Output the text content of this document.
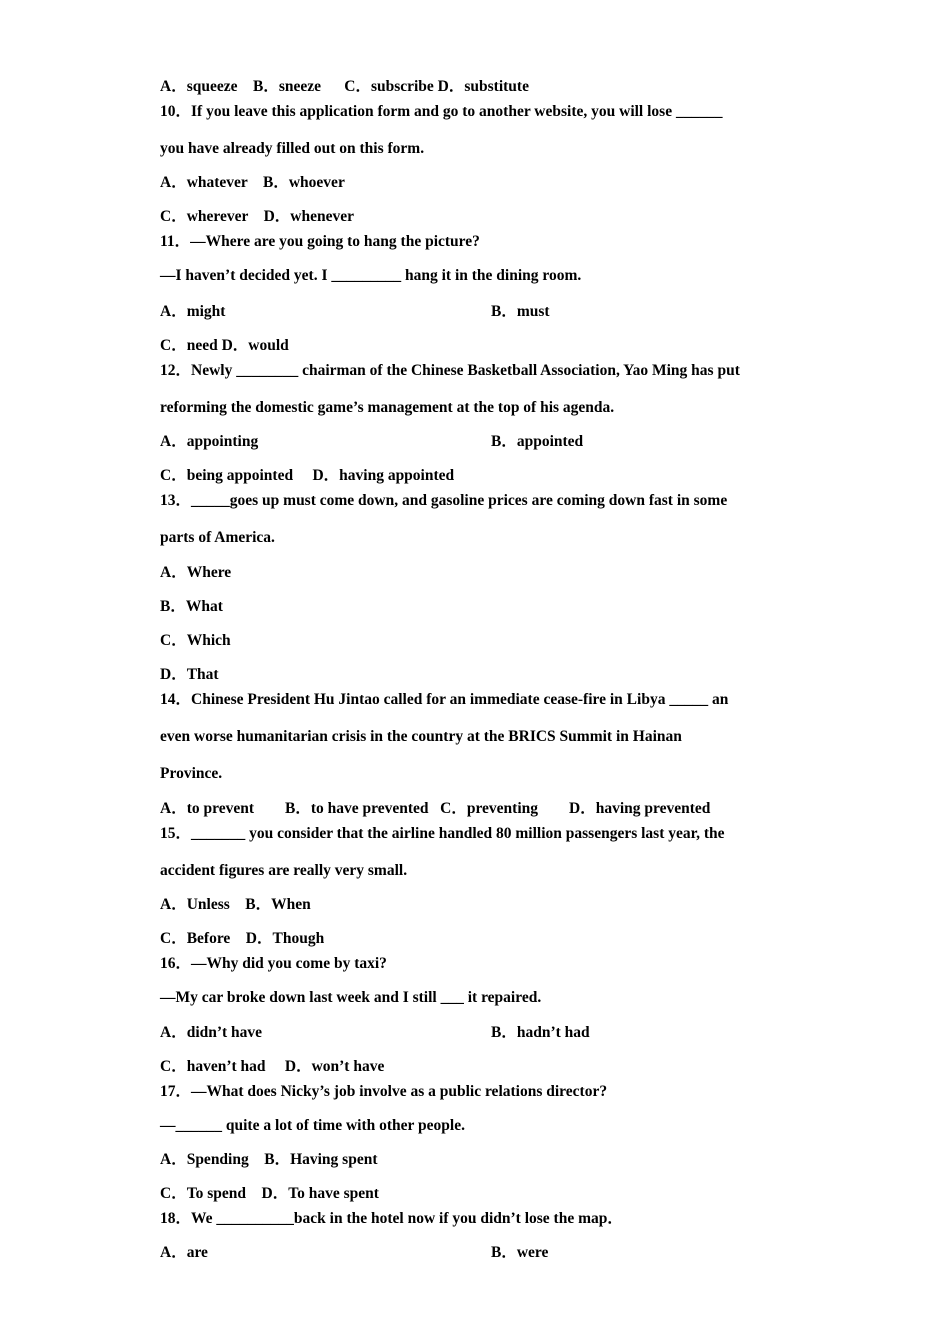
A．squeeze    B．sneeze      C．subscribe D．substitute
10．If you leave this application form and go to another website, you will lose ______
you have already filled out on this form.
A．whatever    B．whoever
C．wherever    D．whenever
11．—Where are you going to hang the picture?
—I haven’t decided yet. I _________ hang it in the dining room.
A．might	B．must
C．need D．would
12．Newly ________ chairman of the Chinese Basketball Association, Yao Ming has put
reforming the domestic game’s management at the top of his agenda.
A．appointing	B．appointed
C．being appointed     D．having appointed
13．_____goes up must come down, and gasoline prices are coming down fast in some
parts of America.
A．Where
B．What
C．Which
D．That
14．Chinese President Hu Jintao called for an immediate cease-fire in Libya _____ an
even worse humanitarian crisis in the country at the BRICS Summit in Hainan
Province.
A．to prevent        B．to have prevented   C．preventing        D．having prevented
15．_______ you consider that the airline handled 80 million passengers last year, the
accident figures are really very small.
A．Unless    B．When
C．Before    D．Though
16．—Why did you come by taxi?
—My car broke down last week and I still ___ it repaired.
A．didn’t have	B．hadn’t had
C．haven’t had     D．won’t have
17．—What does Nicky’s job involve as a public relations director?
—______ quite a lot of time with other people.
A．Spending    B．Having spent
C．To spend    D．To have spent
18．We __________back in the hotel now if you didn’t lose the map．
A．are	B．were
